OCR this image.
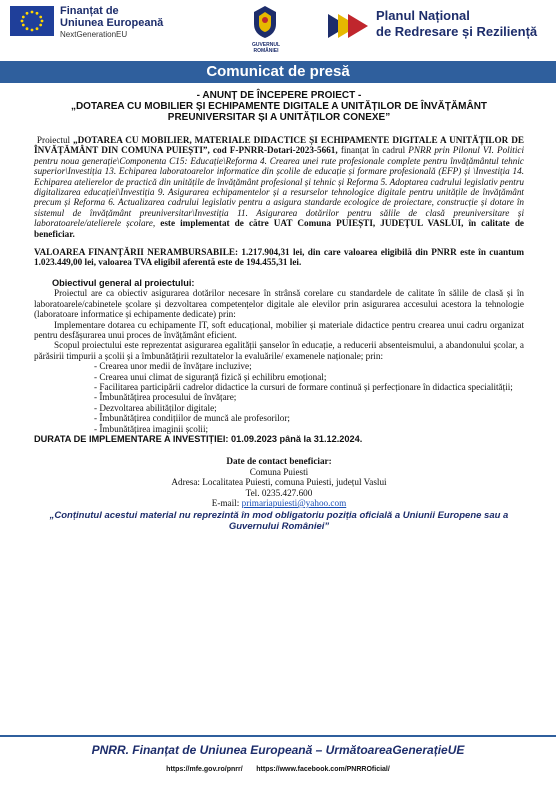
Finanțat de
Uniunea Europeană
NextGenerationEU
GUVERNUL ROMÂNIEI
Planul Național
de Redresare și Reziliență
Comunicat de presă
- ANUNȚ DE ÎNCEPERE PROIECT -
„DOTAREA CU MOBILIER ȘI ECHIPAMENTE DIGITALE A UNITĂȚILOR DE ÎNVĂȚĂMÂNT
PREUNIVERSITAR ȘI A UNITĂȚILOR CONEXE”

Proiectul „DOTAREA CU MOBILIER, MATERIALE DIDACTICE ȘI ECHIPAMENTE DIGITALE A UNITĂȚILOR DE ÎNVĂȚĂMÂNT DIN COMUNA PUIEȘTI”, cod F-PNRR-Dotari-2023-5661, finanțat în cadrul PNRR prin Pilonul VI. Politici pentru noua generație\Componenta C15: Educație\Reforma 4. Crearea unei rute profesionale complete pentru învățământul tehnic superior\Investiția 13. Echiparea laboratoarelor informatice din școlile de educație și formare profesională (EFP) și \Investiția 14. Echiparea atelierelor de practică din unitățile de învățământ profesional și tehnic și Reforma 5. Adoptarea cadrului legislativ pentru digitalizarea educației\Investiția 9. Asigurarea echipamentelor și a resurselor tehnologice digitale pentru unitățile de învățământ precum și Reforma 6. Actualizarea cadrului legislativ pentru a asigura standarde ecologice de proiectare, construcție și dotare în sistemul de învățământ preuniversitar\Investiția 11. Asigurarea dotărilor pentru sălile de clasă preuniversitare și laboratoarele/atelierele școlare, este implementat de către UAT Comuna PUIEȘTI, JUDEȚUL VASLUI, în calitate de beneficiar.

VALOAREA FINANȚĂRII NERAMBURSABILE: 1.217.904,31 lei, din care valoarea eligibilă din PNRR este în cuantum 1.023.449,00 lei, valoarea TVA eligibil aferentă este de 194.455,31 lei.

Obiectivul general al proiectului:

Proiectul are ca obiectiv asigurarea dotărilor necesare în strânsă corelare cu standardele de calitate în sălile de clasă și în laboratoarele/cabinetele școlare și dezvoltarea competențelor digitale ale elevilor prin asigurarea accesului acestora la tehnologie (laboratoare informatice și echipamente dedicate) prin:

Implementare dotarea cu echipamente IT, soft educațional, mobilier și materiale didactice pentru crearea unui cadru organizat pentru desfășurarea unui proces de învățământ eficient.

Scopul proiectului este reprezentat asigurarea egalității șanselor în educație, a reducerii absenteismului, a abandonului școlar, a părăsirii timpurii a școlii și a îmbunătățirii rezultatelor la evaluările/ examenele naționale; prin:

- Crearea unor medii de învățare incluzive;
- Crearea unui climat de siguranță fizică și echilibru emoțional;
- Facilitarea participării cadrelor didactice la cursuri de formare continuă și perfecționare în didactica specialității;
- Îmbunătățirea procesului de învățare;
- Dezvoltarea abilităților digitale;
- Îmbunătățirea condițiilor de muncă ale profesorilor;
- Îmbunătățirea imaginii școlii;
DURATA DE IMPLEMENTARE A INVESTIȚIEI: 01.09.2023 până la 31.12.2024.
Date de contact beneficiar:
Comuna Puiesti
Adresa: Localitatea Puiesti, comuna Puiesti, județul Vaslui
Tel. 0235.427.600
E-mail: primariapuiesti@yahoo.com
„Conținutul acestui material nu reprezintă în mod obligatoriu poziția oficială a Uniunii Europene sau a Guvernului României”
PNRR. Finanțat de Uniunea Europeană – UrmătoareaGenerațieUE
https://mfe.gov.ro/pnrr/ https://www.facebook.com/PNRROficial/
